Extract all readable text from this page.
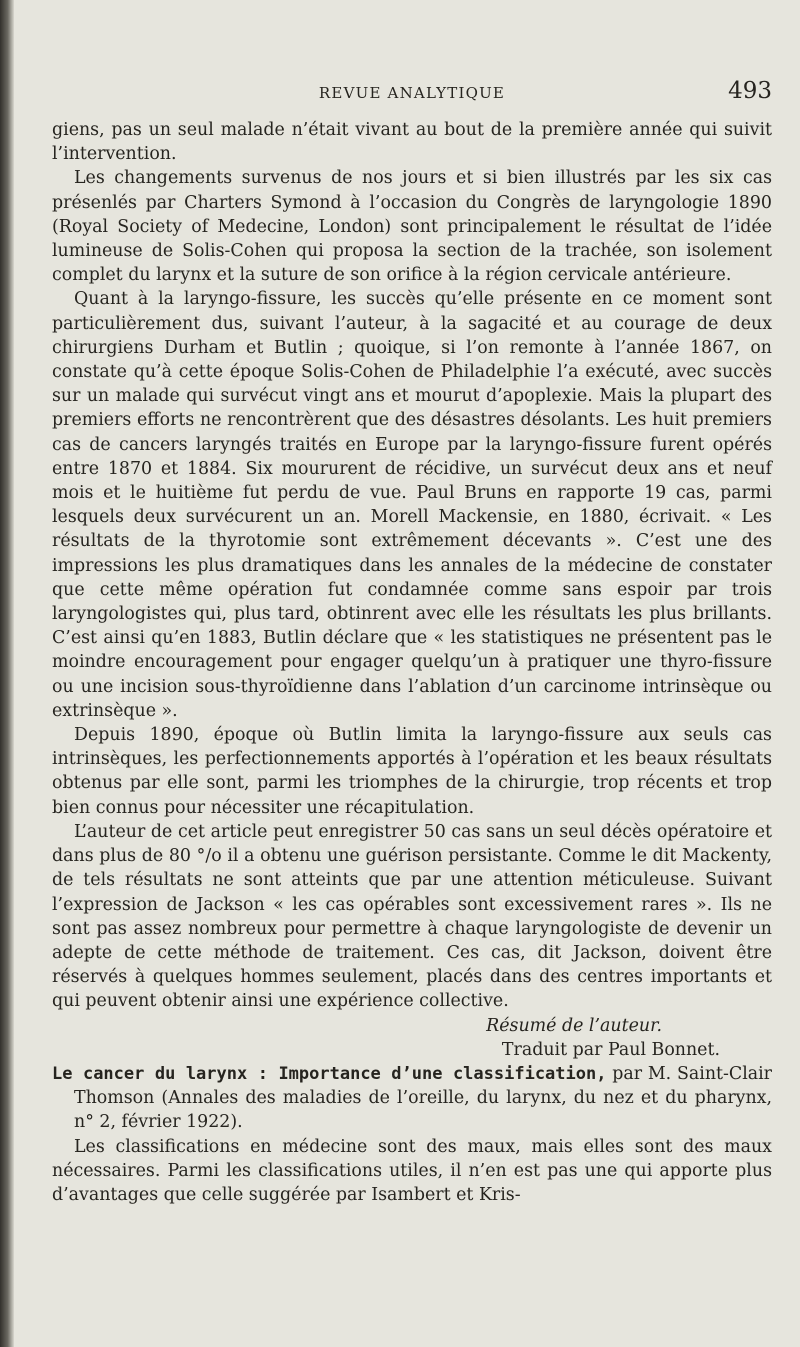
REVUE ANALYTIQUE	493

giens, pas un seul malade n’était vivant au bout de la première année qui suivit l’intervention.

Les changements survenus de nos jours et si bien illustrés par les six cas présenlés par Charters Symond à l’occasion du Congrès de laryngologie 1890 (Royal Society of Medecine, London) sont principalement le résultat de l’idée lumineuse de Solis-Cohen qui proposa la section de la trachée, son isolement complet du larynx et la suture de son orifice à la région cervicale antérieure.

Quant à la laryngo-fissure, les succès qu’elle présente en ce moment sont particulièrement dus, suivant l’auteur, à la sagacité et au courage de deux chirurgiens Durham et Butlin ; quoique, si l’on remonte à l’année 1867, on constate qu’à cette époque Solis-Cohen de Philadelphie l’a exécuté, avec succès sur un malade qui survécut vingt ans et mourut d’apoplexie. Mais la plupart des premiers efforts ne rencontrèrent que des désastres désolants. Les huit premiers cas de cancers laryngés traités en Europe par la laryngo-fissure furent opérés entre 1870 et 1884. Six moururent de récidive, un survécut deux ans et neuf mois et le huitième fut perdu de vue. Paul Bruns en rapporte 19 cas, parmi lesquels deux survécurent un an. Morell Mackensie, en 1880, écrivait. « Les résultats de la thyrotomie sont extrêmement décevants ». C’est une des impressions les plus dramatiques dans les annales de la médecine de constater que cette même opération fut condamnée comme sans espoir par trois laryngologistes qui, plus tard, obtinrent avec elle les résultats les plus brillants. C’est ainsi qu’en 1883, Butlin déclare que « les statistiques ne présentent pas le moindre encouragement pour engager quelqu’un à pratiquer une thyro-fissure ou une incision sous-thyroïdienne dans l’ablation d’un carcinome intrinsèque ou extrinsèque ».

Depuis 1890, époque où Butlin limita la laryngo-fissure aux seuls cas intrinsèques, les perfectionnements apportés à l’opération et les beaux résultats obtenus par elle sont, parmi les triomphes de la chirurgie, trop récents et trop bien connus pour nécessiter une récapitulation.

L’auteur de cet article peut enregistrer 50 cas sans un seul décès opératoire et dans plus de 80 °/o il a obtenu une guérison persistante. Comme le dit Mackenty, de tels résultats ne sont atteints que par une attention méticuleuse. Suivant l’expression de Jackson « les cas opérables sont excessivement rares ». Ils ne sont pas assez nombreux pour permettre à chaque laryngologiste de devenir un adepte de cette méthode de traitement. Ces cas, dit Jackson, doivent être réservés à quelques hommes seulement, placés dans des centres importants et qui peuvent obtenir ainsi une expérience collective.

Résumé de l’auteur.

Traduit par Paul Bonnet.

Le cancer du larynx : Importance d’une classification, par M. Saint-Clair Thomson (Annales des maladies de l’oreille, du larynx, du nez et du pharynx, n° 2, février 1922).

Les classifications en médecine sont des maux, mais elles sont des maux nécessaires. Parmi les classifications utiles, il n’en est pas une qui apporte plus d’avantages que celle suggérée par Isambert et Kris-
